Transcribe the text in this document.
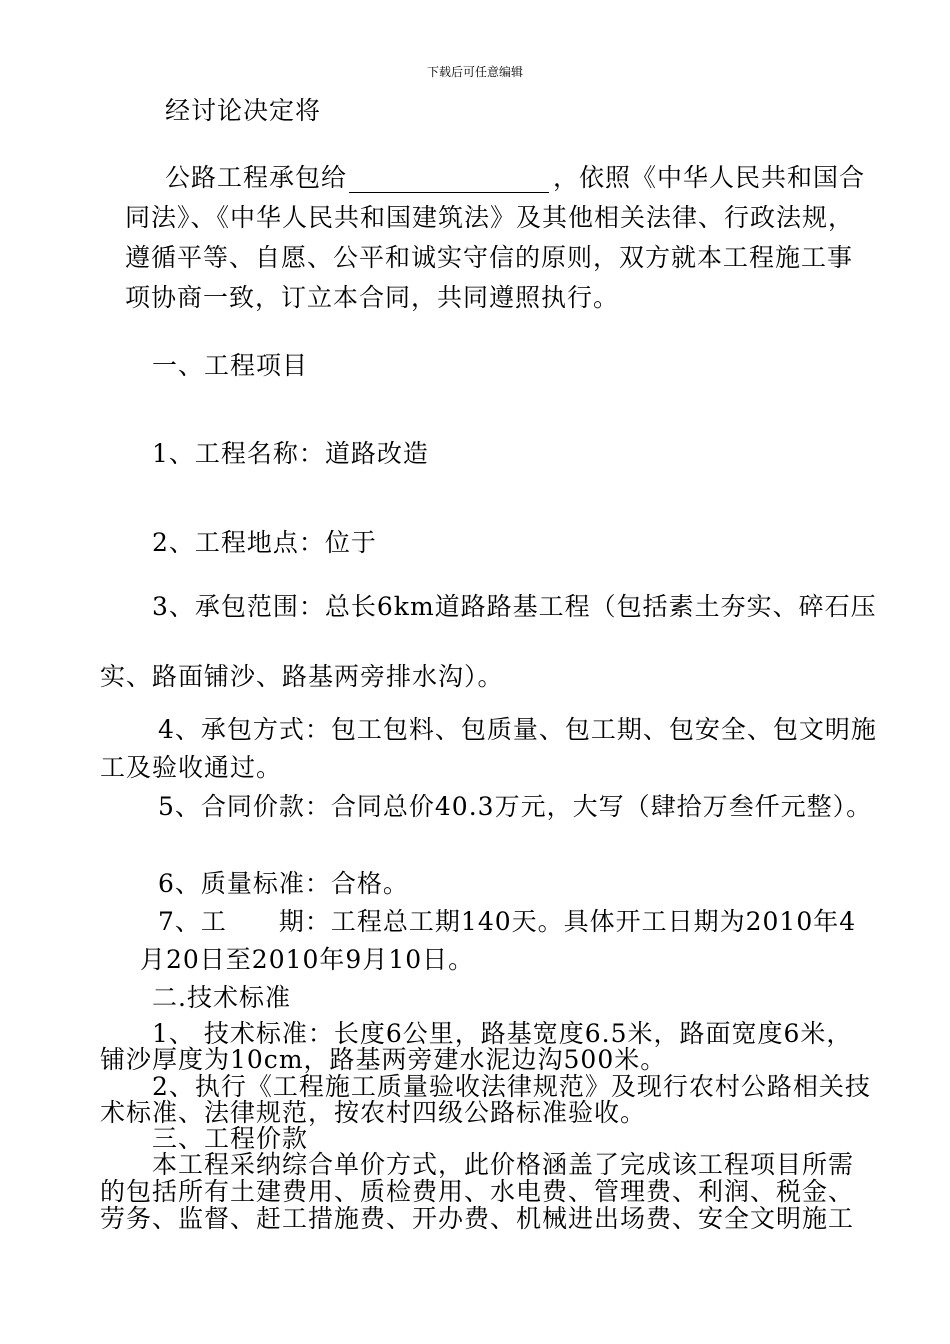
下载后可任意编辑
经讨论决定将
公路工程承包给	，依照《中华人民共和国合
同法》、《中华人民共和国建筑法》及其他相关法律、行政法规，
遵循平等、自愿、公平和诚实守信的原则，双方就本工程施工事
项协商一致，订立本合同，共同遵照执行。
一、工程项目
1、工程名称：道路改造
2、工程地点：位于
3、承包范围：总长6km道路路基工程（包括素土夯实、碎石压
实、路面铺沙、路基两旁排水沟）。
4、承包方式：包工包料、包质量、包工期、包安全、包文明施
工及验收通过。
5、合同价款：合同总价40.3万元，大写（肆拾万叁仟元整）。
6、质量标准：合格。
7、工 期：工程总工期140天。具体开工日期为2010年4
月20日至2010年9月10日。
二.技术标准
1、 技术标准：长度6公里，路基宽度6.5米，路面宽度6米，
铺沙厚度为10cm，路基两旁建水泥边沟500米。
2、执行《工程施工质量验收法律规范》及现行农村公路相关技
术标准、法律规范，按农村四级公路标准验收。
三、工程价款
本工程采纳综合单价方式，此价格涵盖了完成该工程项目所需
的包括所有土建费用、质检费用、水电费、管理费、利润、税金、
劳务、监督、赶工措施费、开办费、机械进出场费、安全文明施工
